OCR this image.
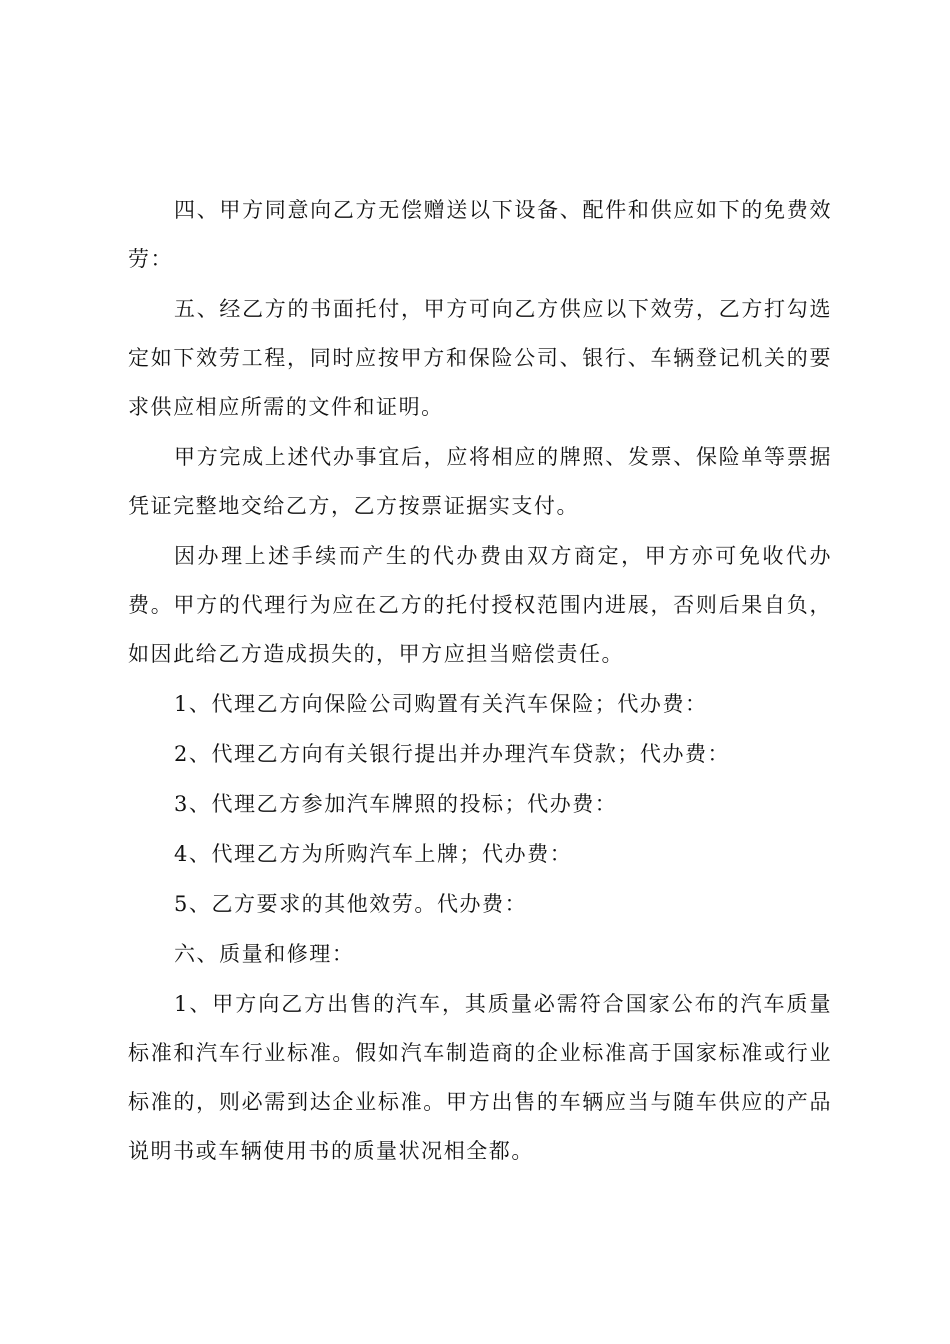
四、甲方同意向乙方无偿赠送以下设备、配件和供应如下的免费效劳：

五、经乙方的书面托付，甲方可向乙方供应以下效劳，乙方打勾选定如下效劳工程，同时应按甲方和保险公司、银行、车辆登记机关的要求供应相应所需的文件和证明。

甲方完成上述代办事宜后，应将相应的牌照、发票、保险单等票据凭证完整地交给乙方，乙方按票证据实支付。

因办理上述手续而产生的代办费由双方商定，甲方亦可免收代办费。甲方的代理行为应在乙方的托付授权范围内进展，否则后果自负，如因此给乙方造成损失的，甲方应担当赔偿责任。

1、代理乙方向保险公司购置有关汽车保险；代办费：

2、代理乙方向有关银行提出并办理汽车贷款；代办费：

3、代理乙方参加汽车牌照的投标；代办费：

4、代理乙方为所购汽车上牌；代办费：

5、乙方要求的其他效劳。代办费：

六、质量和修理：

1、甲方向乙方出售的汽车，其质量必需符合国家公布的汽车质量标准和汽车行业标准。假如汽车制造商的企业标准高于国家标准或行业标准的，则必需到达企业标准。甲方出售的车辆应当与随车供应的产品说明书或车辆使用书的质量状况相全都。
